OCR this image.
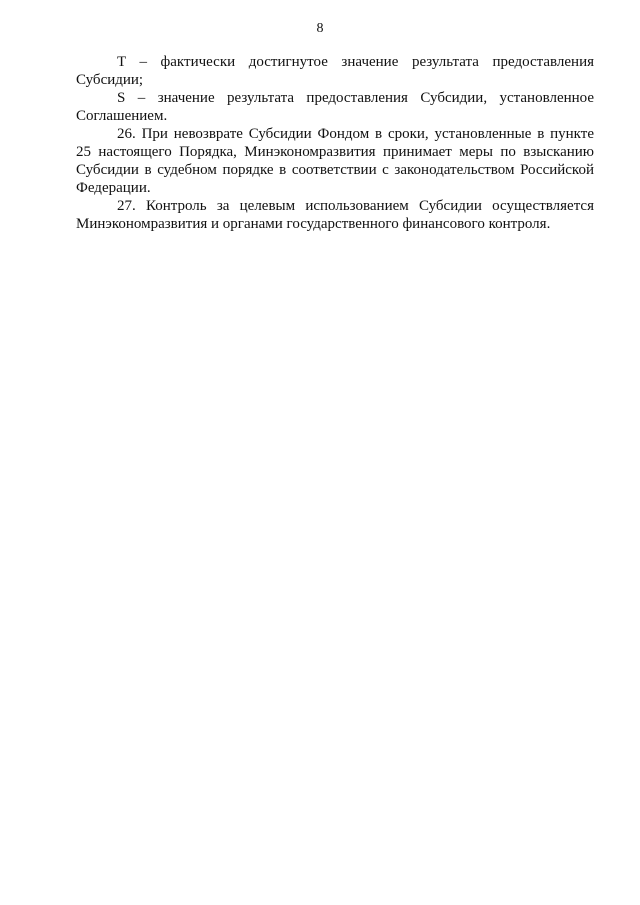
8

T – фактически достигнутое значение результата предоставления Субсидии;

S – значение результата предоставления Субсидии, установленное Соглашением.

26. При невозврате Субсидии Фондом в сроки, установленные в пункте 25 настоящего Порядка, Минэкономразвития принимает меры по взысканию Субсидии в судебном порядке в соответствии с законодательством Российской Федерации.

27. Контроль за целевым использованием Субсидии осуществляется Минэкономразвития и органами государственного финансового контроля.
